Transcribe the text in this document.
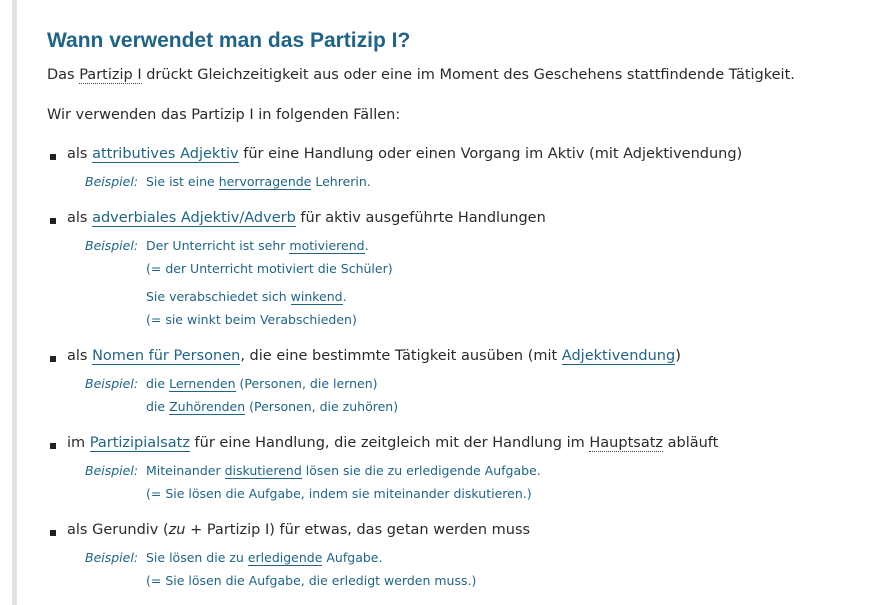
Wann verwendet man das Partizip I?
Das Partizip I drückt Gleichzeitigkeit aus oder eine im Moment des Geschehens stattfindende Tätigkeit.
Wir verwenden das Partizip I in folgenden Fällen:
als attributives Adjektiv für eine Handlung oder einen Vorgang im Aktiv (mit Adjektivendung)
Beispiel: Sie ist eine hervorragende Lehrerin.
als adverbiales Adjektiv/Adverb für aktiv ausgeführte Handlungen
Beispiel: Der Unterricht ist sehr motivierend.
(= der Unterricht motiviert die Schüler)
Sie verabschiedet sich winkend.
(= sie winkt beim Verabschieden)
als Nomen für Personen, die eine bestimmte Tätigkeit ausüben (mit Adjektivendung)
Beispiel: die Lernenden (Personen, die lernen)
die Zuhörenden (Personen, die zuhören)
im Partizipialsatz für eine Handlung, die zeitgleich mit der Handlung im Hauptsatz abläuft
Beispiel: Miteinander diskutierend lösen sie die zu erledigende Aufgabe.
(= Sie lösen die Aufgabe, indem sie miteinander diskutieren.)
als Gerundiv (zu + Partizip I) für etwas, das getan werden muss
Beispiel: Sie lösen die zu erledigende Aufgabe.
(= Sie lösen die Aufgabe, die erledigt werden muss.)
